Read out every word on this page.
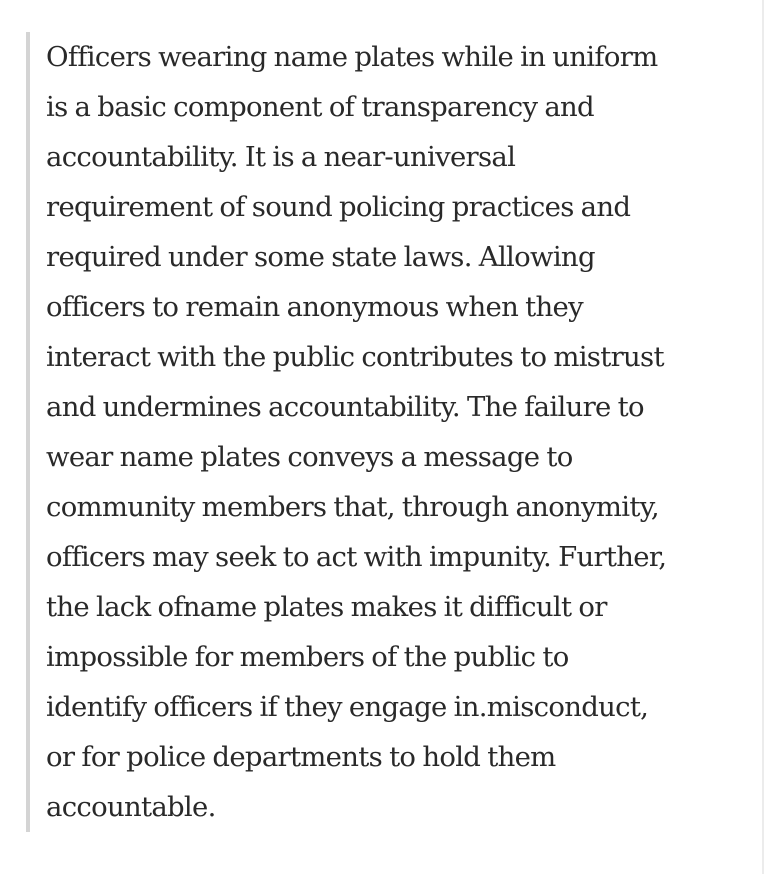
Officers wearing name plates while in uniform
is a basic component of transparency and
accountability. It is a near-universal
requirement of sound policing practices and
required under some state laws. Allowing
officers to remain anonymous when they
interact with the public contributes to mistrust
and undermines accountability. The failure to
wear name plates conveys a message to
community members that, through anonymity,
officers may seek to act with impunity. Further,
the lack ofname plates makes it difficult or
impossible for members of the public to
identify officers if they engage in.misconduct,
or for police departments to hold them
accountable.
